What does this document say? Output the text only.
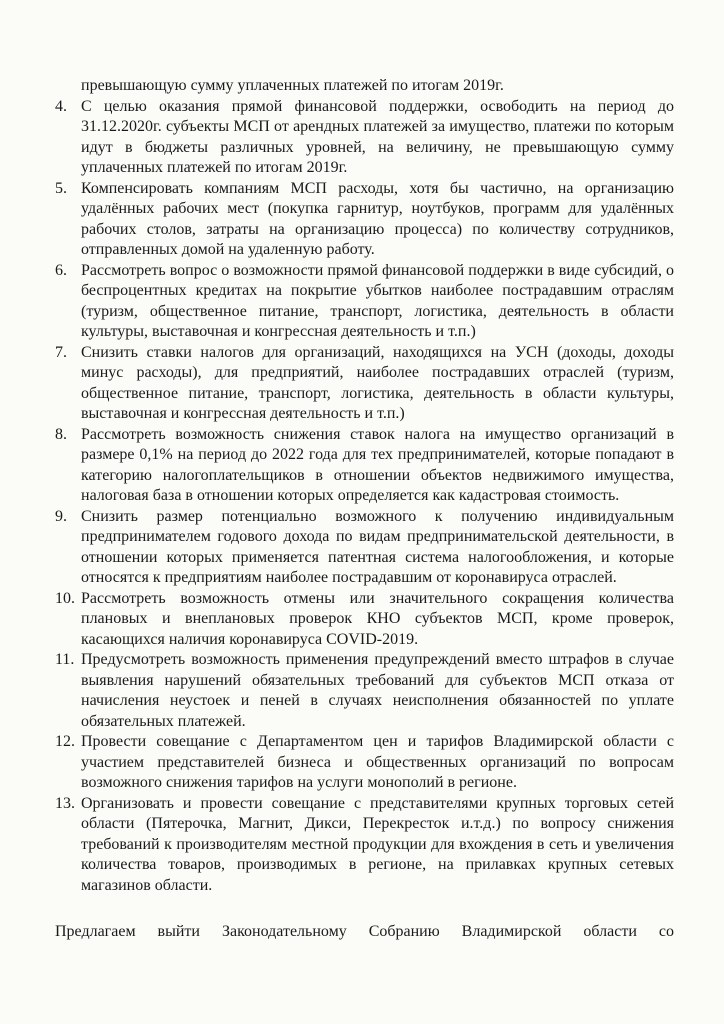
превышающую сумму уплаченных платежей по итогам 2019г.

4. С целью оказания прямой финансовой поддержки, освободить на период до 31.12.2020г. субъекты МСП от арендных платежей за имущество, платежи по которым идут в бюджеты различных уровней, на величину, не превышающую сумму уплаченных платежей по итогам 2019г.
5. Компенсировать компаниям МСП расходы, хотя бы частично, на организацию удалённых рабочих мест (покупка гарнитур, ноутбуков, программ для удалённых рабочих столов, затраты на организацию процесса) по количеству сотрудников, отправленных домой на удаленную работу.
6. Рассмотреть вопрос о возможности прямой финансовой поддержки в виде субсидий, о беспроцентных кредитах на покрытие убытков наиболее пострадавшим отраслям (туризм, общественное питание, транспорт, логистика, деятельность в области культуры, выставочная и конгрессная деятельность и т.п.)
7. Снизить ставки налогов для организаций, находящихся на УСН (доходы, доходы минус расходы), для предприятий, наиболее пострадавших отраслей (туризм, общественное питание, транспорт, логистика, деятельность в области культуры, выставочная и конгрессная деятельность и т.п.)
8. Рассмотреть возможность снижения ставок налога на имущество организаций в размере 0,1% на период до 2022 года для тех предпринимателей, которые попадают в категорию налогоплательщиков в отношении объектов недвижимого имущества, налоговая база в отношении которых определяется как кадастровая стоимость.
9. Снизить размер потенциально возможного к получению индивидуальным предпринимателем годового дохода по видам предпринимательской деятельности, в отношении которых применяется патентная система налогообложения, и которые относятся к предприятиям наиболее пострадавшим от коронавируса отраслей.
10. Рассмотреть возможность отмены или значительного сокращения количества плановых и внеплановых проверок КНО субъектов МСП, кроме проверок, касающихся наличия коронавируса COVID-2019.
11. Предусмотреть возможность применения предупреждений вместо штрафов в случае выявления нарушений обязательных требований для субъектов МСП отказа от начисления неустоек и пеней в случаях неисполнения обязанностей по уплате обязательных платежей.
12. Провести совещание с Департаментом цен и тарифов Владимирской области с участием представителей бизнеса и общественных организаций по вопросам возможного снижения тарифов на услуги монополий в регионе.
13. Организовать и провести совещание с представителями крупных торговых сетей области (Пятерочка, Магнит, Дикси, Перекресток и.т.д.) по вопросу снижения требований к производителям местной продукции для вхождения в сеть и увеличения количества товаров, производимых в регионе, на прилавках крупных сетевых магазинов области.

Предлагаем выйти Законодательному Собранию Владимирской области со
